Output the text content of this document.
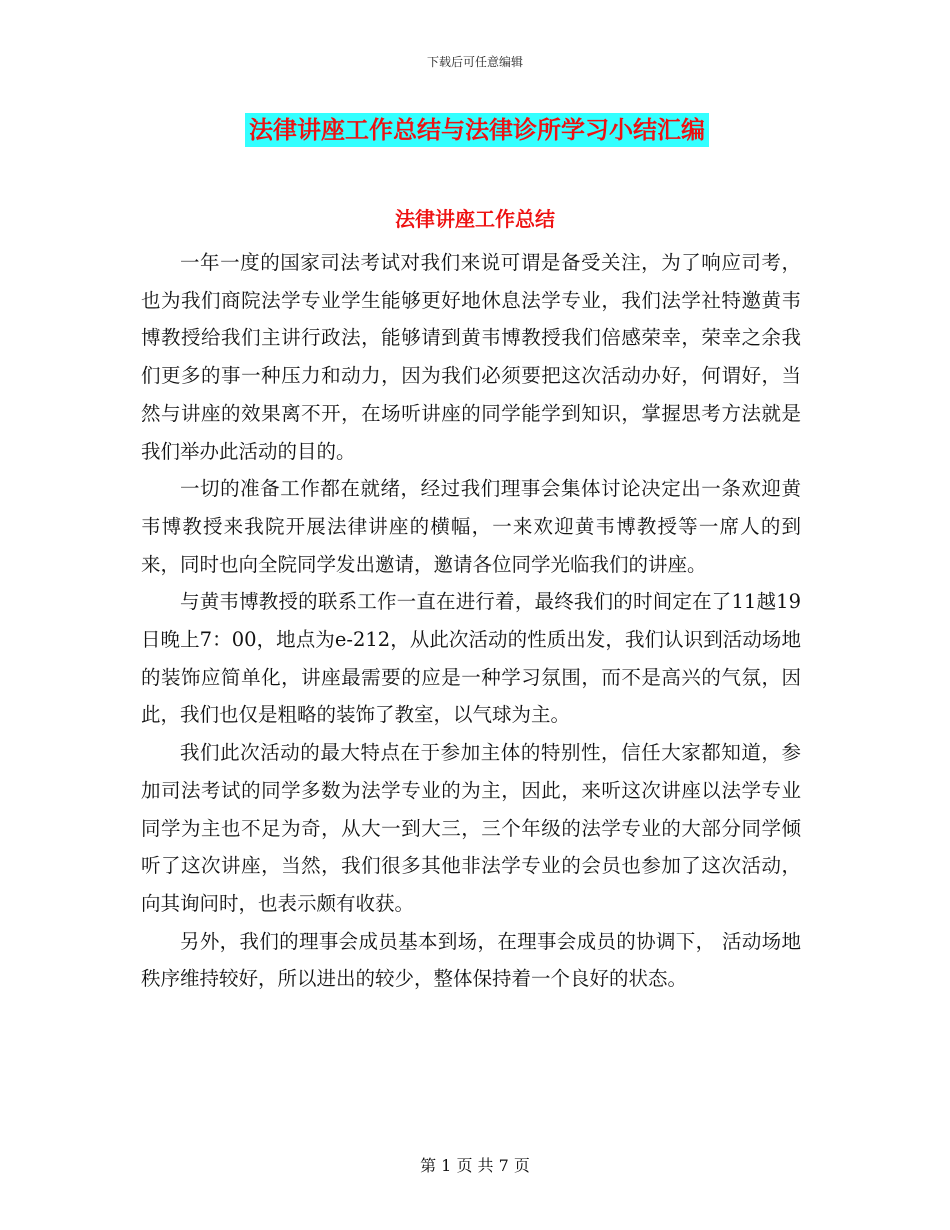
下载后可任意编辑
法律讲座工作总结与法律诊所学习小结汇编
法律讲座工作总结

一年一度的国家司法考试对我们来说可谓是备受关注，为了响应司考，也为我们商院法学专业学生能够更好地休息法学专业，我们法学社特邀黄韦博教授给我们主讲行政法，能够请到黄韦博教授我们倍感荣幸，荣幸之余我们更多的事一种压力和动力，因为我们必须要把这次活动办好，何谓好，当然与讲座的效果离不开，在场听讲座的同学能学到知识，掌握思考方法就是我们举办此活动的目的。

一切的准备工作都在就绪，经过我们理事会集体讨论决定出一条欢迎黄韦博教授来我院开展法律讲座的横幅，一来欢迎黄韦博教授等一席人的到来，同时也向全院同学发出邀请，邀请各位同学光临我们的讲座。

与黄韦博教授的联系工作一直在进行着，最终我们的时间定在了11越19日晚上7：00，地点为e-212，从此次活动的性质出发，我们认识到活动场地的装饰应简单化，讲座最需要的应是一种学习氛围，而不是高兴的气氛，因此，我们也仅是粗略的装饰了教室，以气球为主。

我们此次活动的最大特点在于参加主体的特别性，信任大家都知道，参加司法考试的同学多数为法学专业的为主，因此，来听这次讲座以法学专业同学为主也不足为奇，从大一到大三，三个年级的法学专业的大部分同学倾听了这次讲座，当然，我们很多其他非法学专业的会员也参加了这次活动，向其询问时，也表示颇有收获。

另外，我们的理事会成员基本到场，在理事会成员的协调下， 活动场地秩序维持较好，所以进出的较少，整体保持着一个良好的状态。

第 1 页 共 7 页
